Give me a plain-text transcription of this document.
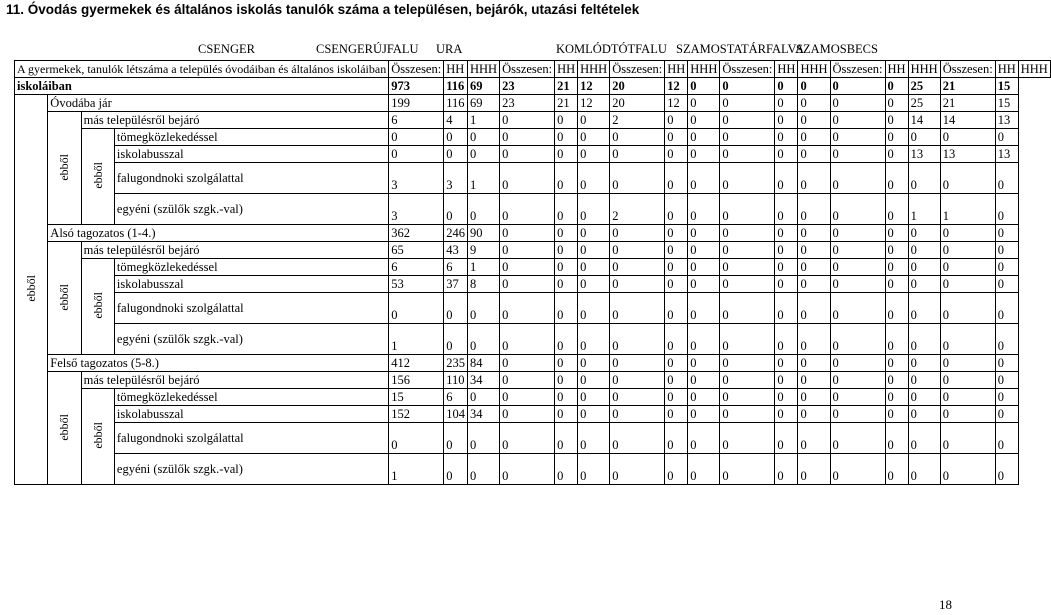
11. Óvodás gyermekek és általános iskolás tanulók száma a településen, bejárók, utazási feltételek
CSENGER	CSENGERÚJFALU URA	KOMLÓDTÓTFALU SZAMOSTATÁRFALVA
SZAMOSBECS
A gyermekek, tanulók létszáma a település óvodáiban és általános iskoláiban				Összesen:	HH	HHH	Összesen:	HH	HHH	Összesen:	HH	HHH	Összesen:	HH	HHH	Összesen:	HH	HHH	Összesen:	HH	HHH
iskoláiban				973	116	69	23	21	12	20	12	0	0	0	0	0	0	25	21	15	
ebből	Óvodába jár			199	116	69	23	21	12	20	12	0	0	0	0	0	0	25	21	15	
	ebből	más településről bejáró		6	4	1	0	0	0	2	0	0	0	0	0	0	0	14	14	13	
		ebből	tömegközlekedéssel	0	0	0	0	0	0	0	0	0	0	0	0	0	0	0	0	0	
			iskolabusszal	0	0	0	0	0	0	0	0	0	0	0	0	0	0	13	13	13	
			falugondnoki szolgálattal	3	3	1	0	0	0	0	0	0	0	0	0	0	0	0	0	0	
			egyéni (szülők szgk.-val)	3	0	0	0	0	0	2	0	0	0	0	0	0	0	1	1	0	
	Alsó tagozatos (1-4.)			362	246	90	0	0	0	0	0	0	0	0	0	0	0	0	0	0	
	ebből	más településről bejáró		65	43	9	0	0	0	0	0	0	0	0	0	0	0	0	0	0	
		ebből	tömegközlekedéssel	6	6	1	0	0	0	0	0	0	0	0	0	0	0	0	0	0	
			iskolabusszal	53	37	8	0	0	0	0	0	0	0	0	0	0	0	0	0	0	
			falugondnoki szolgálattal	0	0	0	0	0	0	0	0	0	0	0	0	0	0	0	0	0	
			egyéni (szülők szgk.-val)	1	0	0	0	0	0	0	0	0	0	0	0	0	0	0	0	0	
	Felső tagozatos (5-8.)			412	235	84	0	0	0	0	0	0	0	0	0	0	0	0	0	0	
	ebből	más településről bejáró		156	110	34	0	0	0	0	0	0	0	0	0	0	0	0	0	0	
		ebből	tömegközlekedéssel	15	6	0	0	0	0	0	0	0	0	0	0	0	0	0	0	0	
			iskolabusszal	152	104	34	0	0	0	0	0	0	0	0	0	0	0	0	0	0	
			falugondnoki szolgálattal	0	0	0	0	0	0	0	0	0	0	0	0	0	0	0	0	0	
			egyéni (szülők szgk.-val)	1	0	0	0	0	0	0	0	0	0	0	0	0	0	0	0	0	
18
